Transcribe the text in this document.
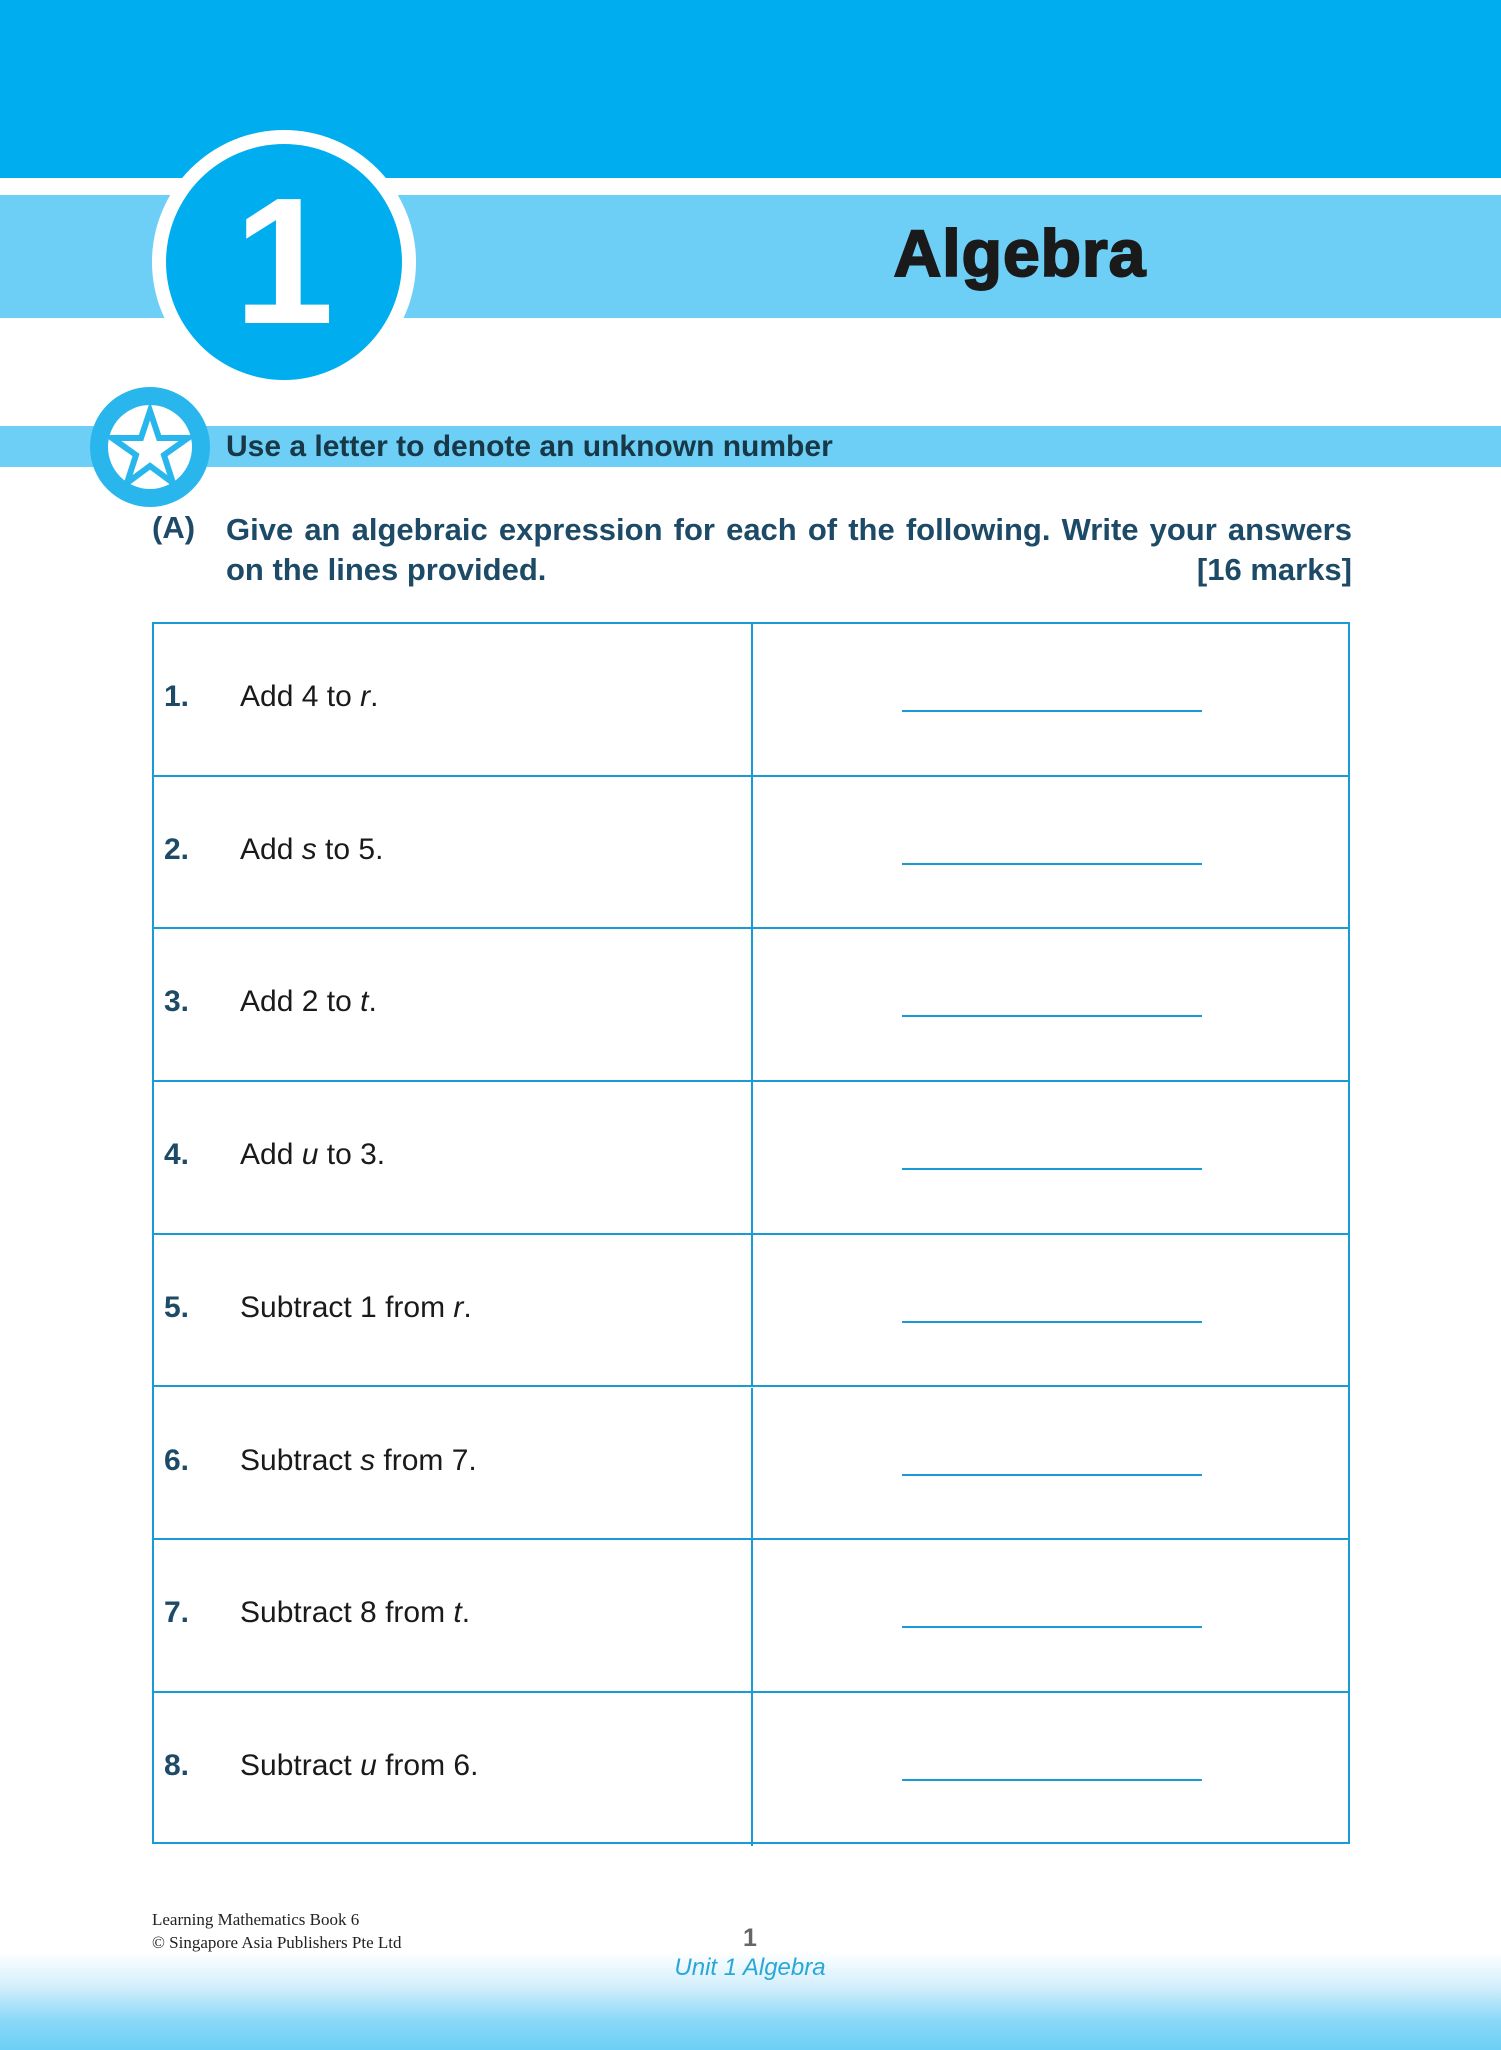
1	Algebra
Use a letter to denote an unknown number
(A) Give an algebraic expression for each of the following. Write your answers on the lines provided.	[16 marks]
1. Add 4 to r.
2. Add s to 5.
3. Add 2 to t.
4. Add u to 3.
5. Subtract 1 from r.
6. Subtract s from 7.
7. Subtract 8 from t.
8. Subtract u from 6.
Learning Mathematics Book 6
© Singapore Asia Publishers Pte Ltd	1
Unit 1 Algebra
